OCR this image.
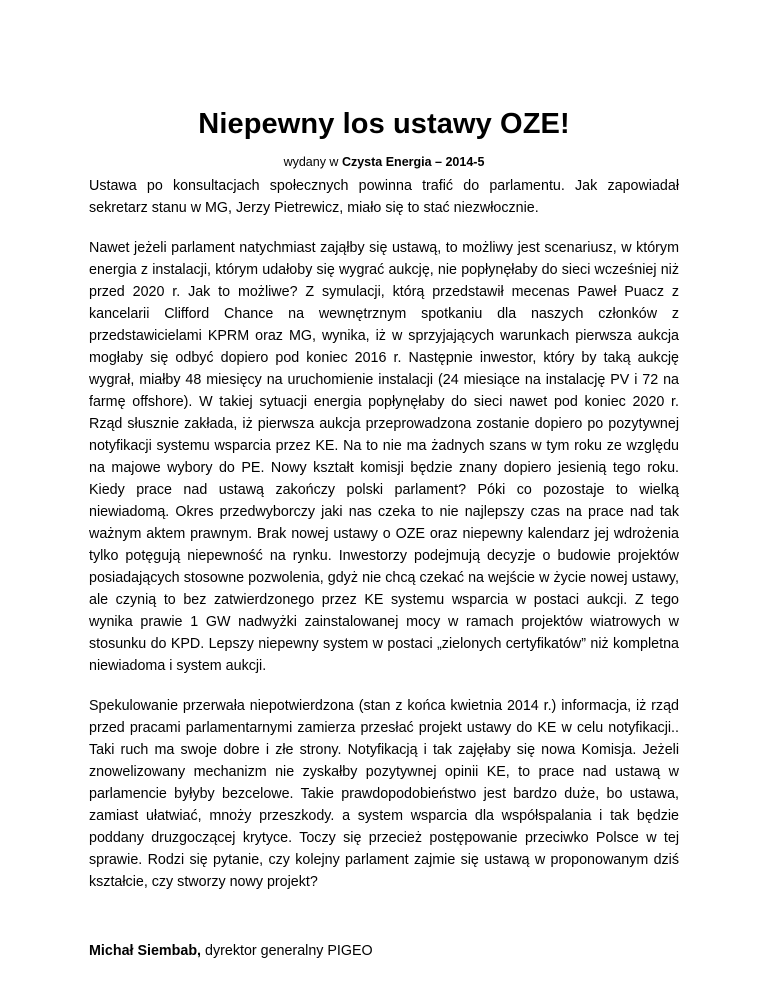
Niepewny los ustawy OZE!

wydany w Czysta Energia – 2014-5

Ustawa po konsultacjach społecznych powinna trafić do parlamentu. Jak zapowiadał sekretarz stanu w MG, Jerzy Pietrewicz, miało się to stać niezwłocznie.

Nawet jeżeli parlament natychmiast zająłby się ustawą, to możliwy jest scenariusz, w którym energia z instalacji, którym udałoby się wygrać aukcję, nie popłynęłaby do sieci wcześniej niż przed 2020 r. Jak to możliwe? Z symulacji, którą przedstawił mecenas Paweł Puacz z kancelarii Clifford Chance na wewnętrznym spotkaniu dla naszych członków z przedstawicielami KPRM oraz MG, wynika, iż w sprzyjających warunkach pierwsza aukcja mogłaby się odbyć dopiero pod koniec 2016 r. Następnie inwestor, który by taką aukcję wygrał, miałby 48 miesięcy na uruchomienie instalacji (24 miesiące na instalację PV i 72 na farmę offshore). W takiej sytuacji energia popłynęłaby do sieci nawet pod koniec 2020 r. Rząd słusznie zakłada, iż pierwsza aukcja przeprowadzona zostanie dopiero po pozytywnej notyfikacji systemu wsparcia przez KE. Na to nie ma żadnych szans w tym roku ze względu na majowe wybory do PE. Nowy kształt komisji będzie znany dopiero jesienią tego roku. Kiedy prace nad ustawą zakończy polski parlament? Póki co pozostaje to wielką niewiadomą. Okres przedwyborczy jaki nas czeka to nie najlepszy czas na prace nad tak ważnym aktem prawnym. Brak nowej ustawy o OZE oraz niepewny kalendarz jej wdrożenia tylko potęgują niepewność na rynku. Inwestorzy podejmują decyzje o budowie projektów posiadających stosowne pozwolenia, gdyż nie chcą czekać na wejście w życie nowej ustawy, ale czynią to bez zatwierdzonego przez KE systemu wsparcia w postaci aukcji. Z tego wynika prawie 1 GW nadwyżki zainstalowanej mocy w ramach projektów wiatrowych w stosunku do KPD. Lepszy niepewny system w postaci „zielonych certyfikatów” niż kompletna niewiadoma i system aukcji.

Spekulowanie przerwała niepotwierdzona (stan z końca kwietnia 2014 r.) informacja, iż rząd przed pracami parlamentarnymi zamierza przesłać projekt ustawy do KE w celu notyfikacji.. Taki ruch ma swoje dobre i złe strony. Notyfikacją i tak zajęłaby się nowa Komisja. Jeżeli znowelizowany mechanizm nie zyskałby pozytywnej opinii KE, to prace nad ustawą w parlamencie byłyby bezcelowe. Takie prawdopodobieństwo jest bardzo duże, bo ustawa, zamiast ułatwiać, mnoży przeszkody. a system wsparcia dla współspalania i tak będzie poddany druzgoczącej krytyce. Toczy się przecież postępowanie przeciwko Polsce w tej sprawie. Rodzi się pytanie, czy kolejny parlament zajmie się ustawą w proponowanym dziś kształcie, czy stworzy nowy projekt?

Michał Siembab, dyrektor generalny PIGEO
